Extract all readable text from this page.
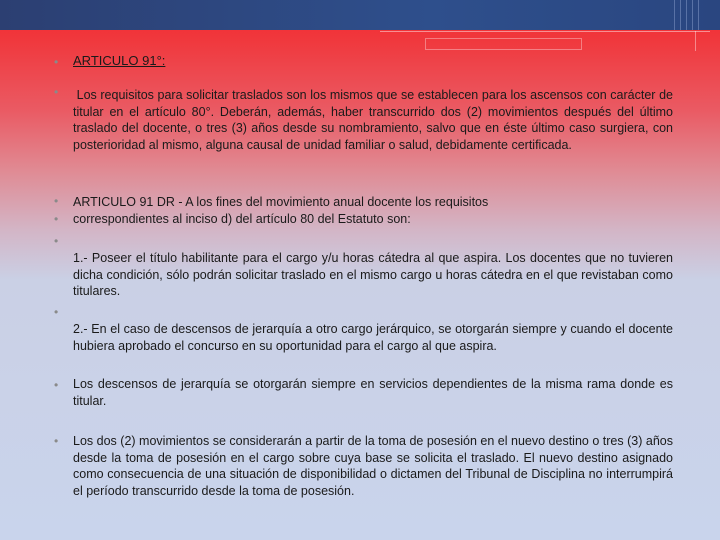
•
•
•
•
•
•
•
•
ARTICULO 91°:
Los requisitos para solicitar traslados son los mismos que se establecen para los ascensos con carácter de titular en el artículo 80°. Deberán, además, haber transcurrido dos (2) movimientos después del último traslado del docente, o tres (3) años desde su nombramiento, salvo que en éste último caso surgiera, con posterioridad al mismo, alguna causal de unidad familiar o salud, debidamente certificada.
ARTICULO 91 DR - A los fines del movimiento anual docente los requisitos
correspondientes al inciso d) del artículo 80 del Estatuto son:
1.- Poseer el título habilitante para el cargo y/u horas cátedra al que aspira. Los docentes que no tuvieren dicha condición, sólo podrán solicitar traslado en el mismo cargo u horas cátedra en el que revistaban como titulares.
2.- En el caso de descensos de jerarquía a otro cargo jerárquico, se otorgarán siempre y cuando el docente hubiera aprobado el concurso en su oportunidad para el cargo al que aspira.
Los descensos de jerarquía se otorgarán siempre en servicios dependientes de la misma rama donde es titular.
Los dos (2) movimientos se considerarán a partir de la toma de posesión en el nuevo destino o tres (3) años desde la toma de posesión en el cargo sobre cuya base se solicita el traslado. El nuevo destino asignado como consecuencia de una situación de disponibilidad o dictamen del Tribunal de Disciplina no interrumpirá el período transcurrido desde la toma de posesión.
